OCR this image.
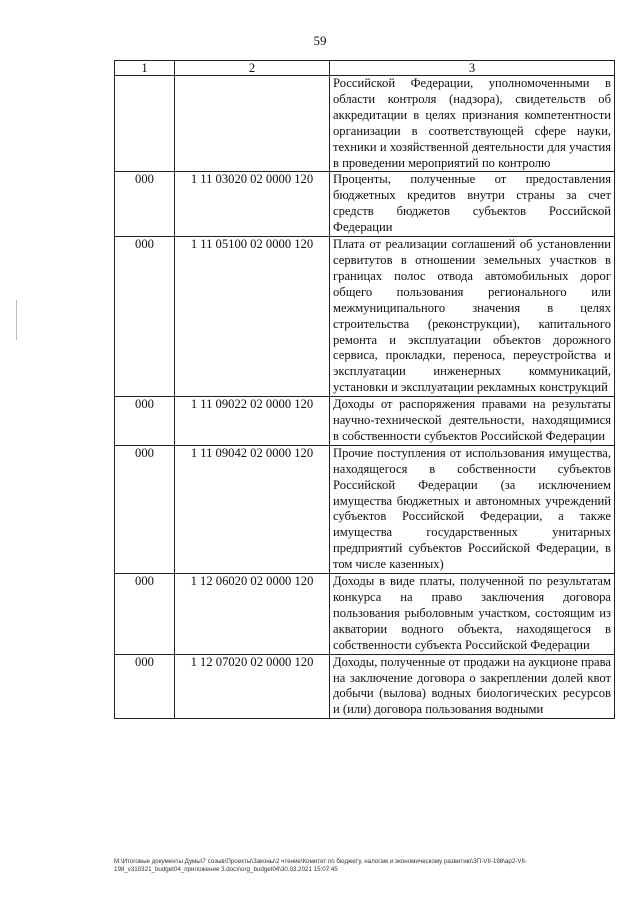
59
1	2	3
		Российской Федерации, уполномоченными в области контроля (надзора), свидетельств об аккредитации в целях признания компетентности организации в соответствующей сфере науки, техники и хозяйственной деятельности для участия в проведении мероприятий по контролю
000	1 11 03020 02 0000 120	Проценты, полученные от предоставления бюджетных кредитов внутри страны за счет средств бюджетов субъектов Российской Федерации
000	1 11 05100 02 0000 120	Плата от реализации соглашений об установлении сервитутов в отношении земельных участков в границах полос отвода автомобильных дорог общего пользования регионального или межмуниципального значения в целях строительства (реконструкции), капитального ремонта и эксплуатации объектов дорожного сервиса, прокладки, переноса, переустройства и эксплуатации инженерных коммуникаций, установки и эксплуатации рекламных конструкций
000	1 11 09022 02 0000 120	Доходы от распоряжения правами на результаты научно-технической деятельности, находящимися в собственности субъектов Российской Федерации
000	1 11 09042 02 0000 120	Прочие поступления от использования имущества, находящегося в собственности субъектов Российской Федерации (за исключением имущества бюджетных и автономных учреждений субъектов Российской Федерации, а также имущества государственных унитарных предприятий субъектов Российской Федерации, в том числе казенных)
000	1 12 06020 02 0000 120	Доходы в виде платы, полученной по результатам конкурса на право заключения договора пользования рыболовным участком, состоящим из акватории водного объекта, находящегося в собственности субъекта Российской Федерации
000	1 12 07020 02 0000 120	Доходы, полученные от продажи на аукционе права на заключение договора о закреплении долей квот добычи (вылова) водных биологических ресурсов и (или) договора пользования водными
М:\Итоговые документы Думы\7 созыв\Проекты\Законы\2 чтение\Комитет по бюджету, налогам и экономическому развитию\ЗП-VII-198\ap2-VII-198_v310321_budget04_приложение 3.docx\org_budget04\30.03.2021 15:07:45
